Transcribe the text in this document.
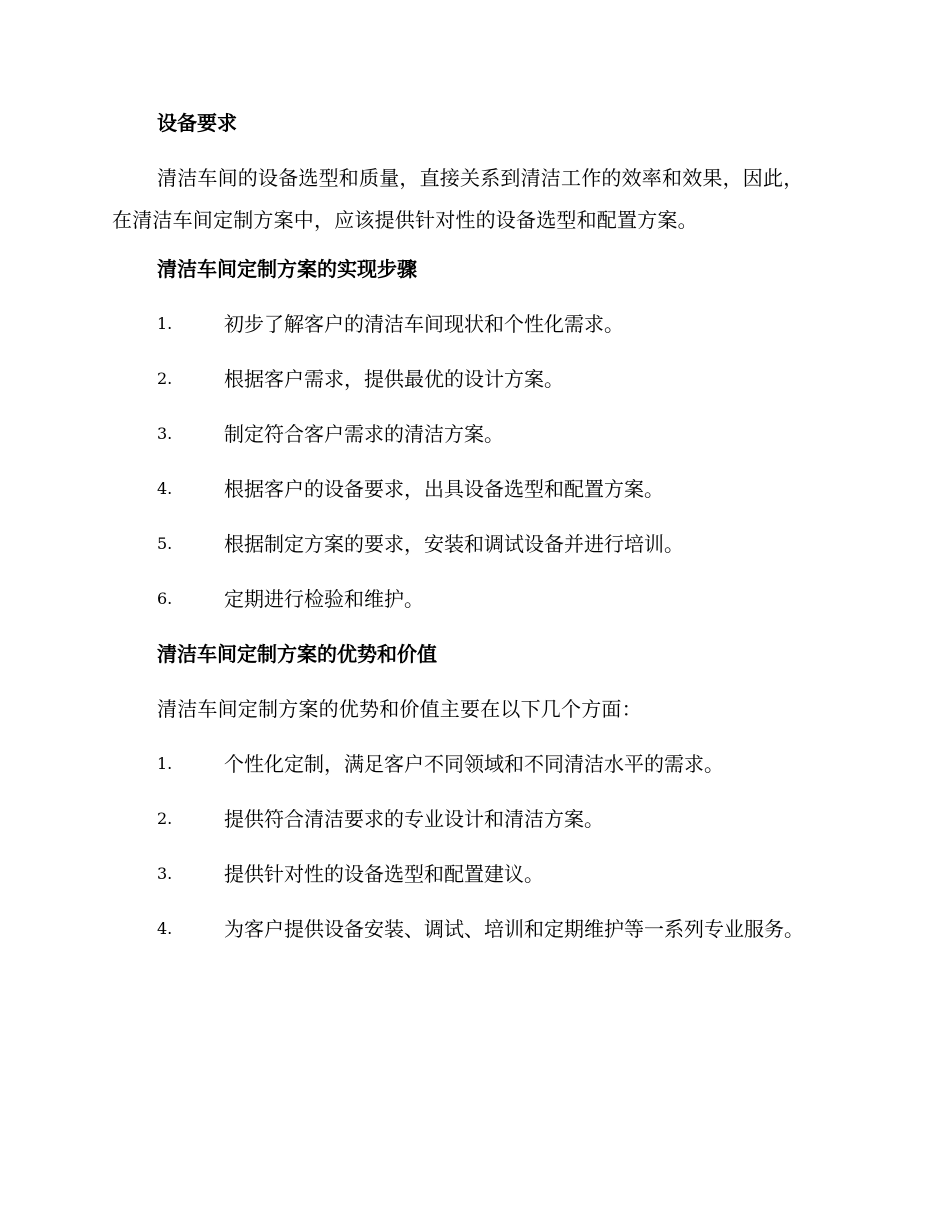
设备要求

清洁车间的设备选型和质量，直接关系到清洁工作的效率和效果，因此，在清洁车间定制方案中，应该提供针对性的设备选型和配置方案。

清洁车间定制方案的实现步骤
1.	初步了解客户的清洁车间现状和个性化需求。
2.	根据客户需求，提供最优的设计方案。
3.	制定符合客户需求的清洁方案。
4.	根据客户的设备要求，出具设备选型和配置方案。
5.	根据制定方案的要求，安装和调试设备并进行培训。
6.	定期进行检验和维护。
清洁车间定制方案的优势和价值

清洁车间定制方案的优势和价值主要在以下几个方面：

1.	个性化定制，满足客户不同领域和不同清洁水平的需求。
2.	提供符合清洁要求的专业设计和清洁方案。
3.	提供针对性的设备选型和配置建议。
4.	为客户提供设备安装、调试、培训和定期维护等一系列专业服务。
